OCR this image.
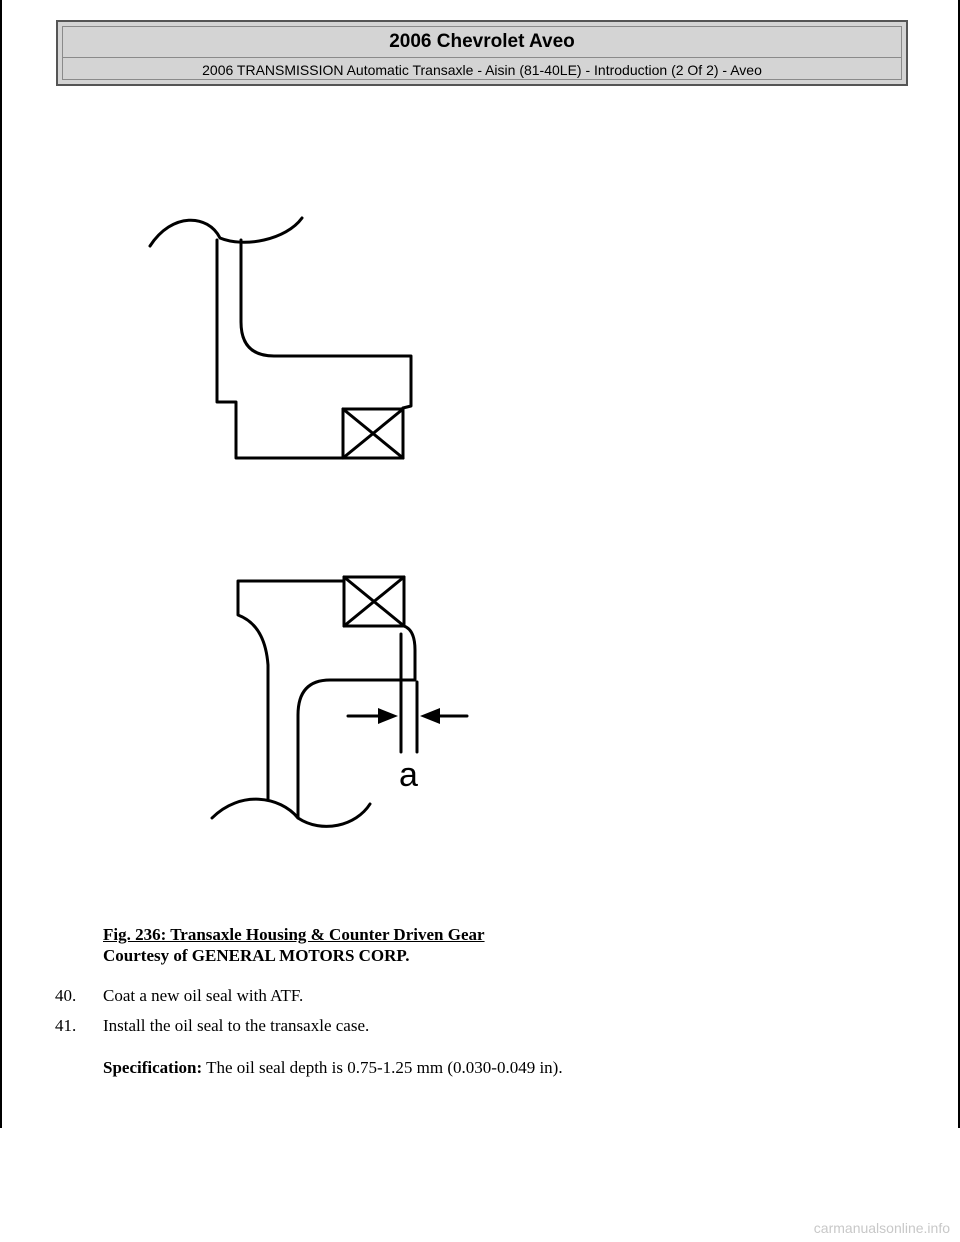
2006 Chevrolet Aveo
2006 TRANSMISSION Automatic Transaxle - Aisin (81-40LE) - Introduction (2 Of 2) - Aveo
a
Fig. 236: Transaxle Housing & Counter Driven Gear
Courtesy of GENERAL MOTORS CORP.
40. Coat a new oil seal with ATF.
41. Install the oil seal to the transaxle case.
Specification: The oil seal depth is 0.75-1.25 mm (0.030-0.049 in).
carmanualsonline.info
